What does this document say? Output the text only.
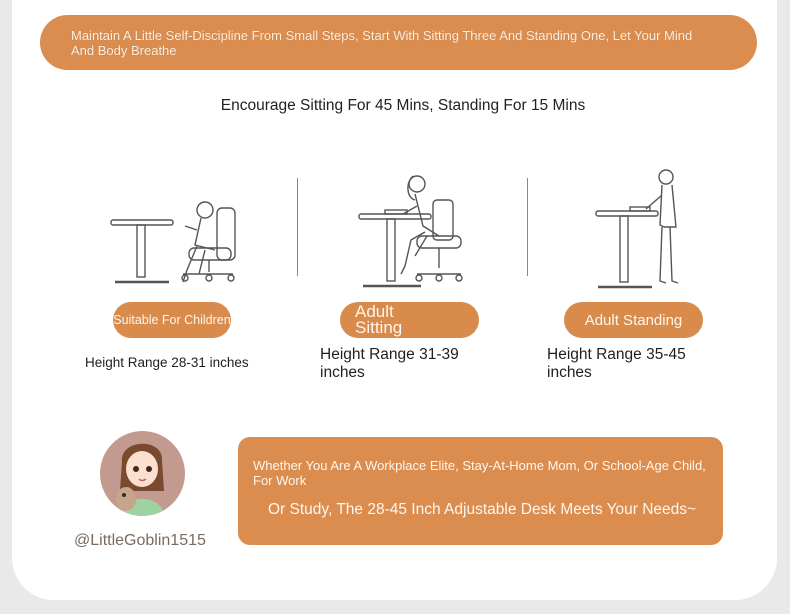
Maintain A Little Self-Discipline From Small Steps, Start With Sitting Three And Standing One, Let Your Mind And Body Breathe
Encourage Sitting For 45 Mins, Standing For 15 Mins
Suitable For Children	Adult Sitting	Adult Standing
Height Range 28-31 inches	Height Range 31-39 inches
Height Range 35-45 inches
@LittleGoblin1515
Whether You Are A Workplace Elite, Stay-At-Home Mom, Or School-Age Child, For Work
Or Study, The 28-45 Inch Adjustable Desk Meets Your Needs~
